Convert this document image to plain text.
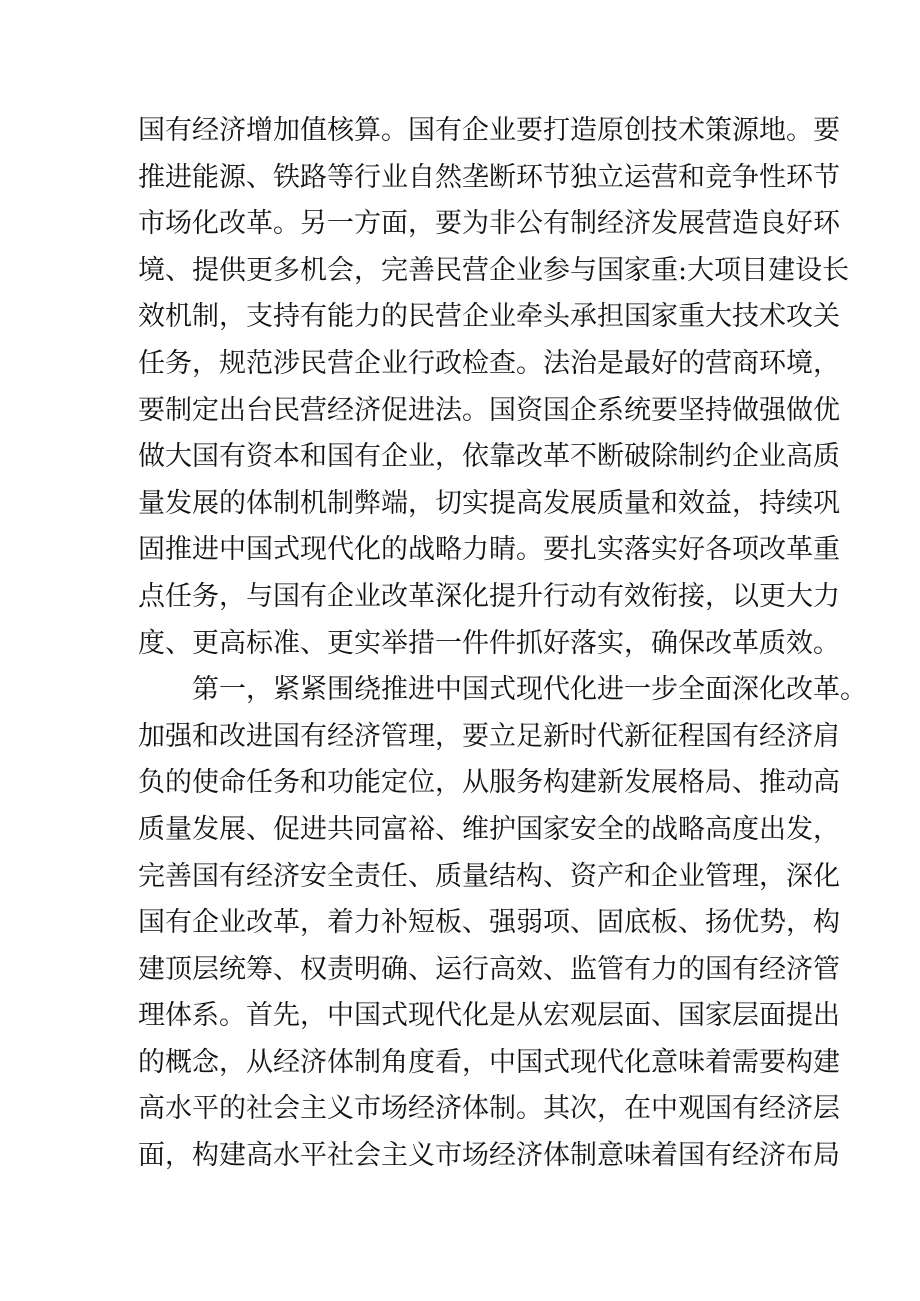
国有经济增加值核算。国有企业要打造原创技术策源地。要
推进能源、铁路等行业自然垄断环节独立运营和竞争性环节
市场化改革。另一方面，要为非公有制经济发展营造良好环
境、提供更多机会，完善民营企业参与国家重:大项目建设长
效机制，支持有能力的民营企业牵头承担国家重大技术攻关
任务，规范涉民营企业行政检查。法治是最好的营商环境，
要制定出台民营经济促进法。国资国企系统要坚持做强做优
做大国有资本和国有企业，依靠改革不断破除制约企业高质
量发展的体制机制弊端，切实提高发展质量和效益，持续巩
固推进中国式现代化的战略力睛。要扎实落实好各项改革重
点任务，与国有企业改革深化提升行动有效衔接，以更大力
度、更高标准、更实举措一件件抓好落实，确保改革质效。
第一，紧紧围绕推进中国式现代化进一步全面深化改革。
加强和改进国有经济管理，要立足新时代新征程国有经济肩
负的使命任务和功能定位，从服务构建新发展格局、推动高
质量发展、促进共同富裕、维护国家安全的战略高度出发，
完善国有经济安全责任、质量结构、资产和企业管理，深化
国有企业改革，着力补短板、强弱项、固底板、扬优势，构
建顶层统筹、权责明确、运行高效、监管有力的国有经济管
理体系。首先，中国式现代化是从宏观层面、国家层面提出
的概念，从经济体制角度看，中国式现代化意味着需要构建
高水平的社会主义市场经济体制。其次，在中观国有经济层
面，构建高水平社会主义市场经济体制意味着国有经济布局
